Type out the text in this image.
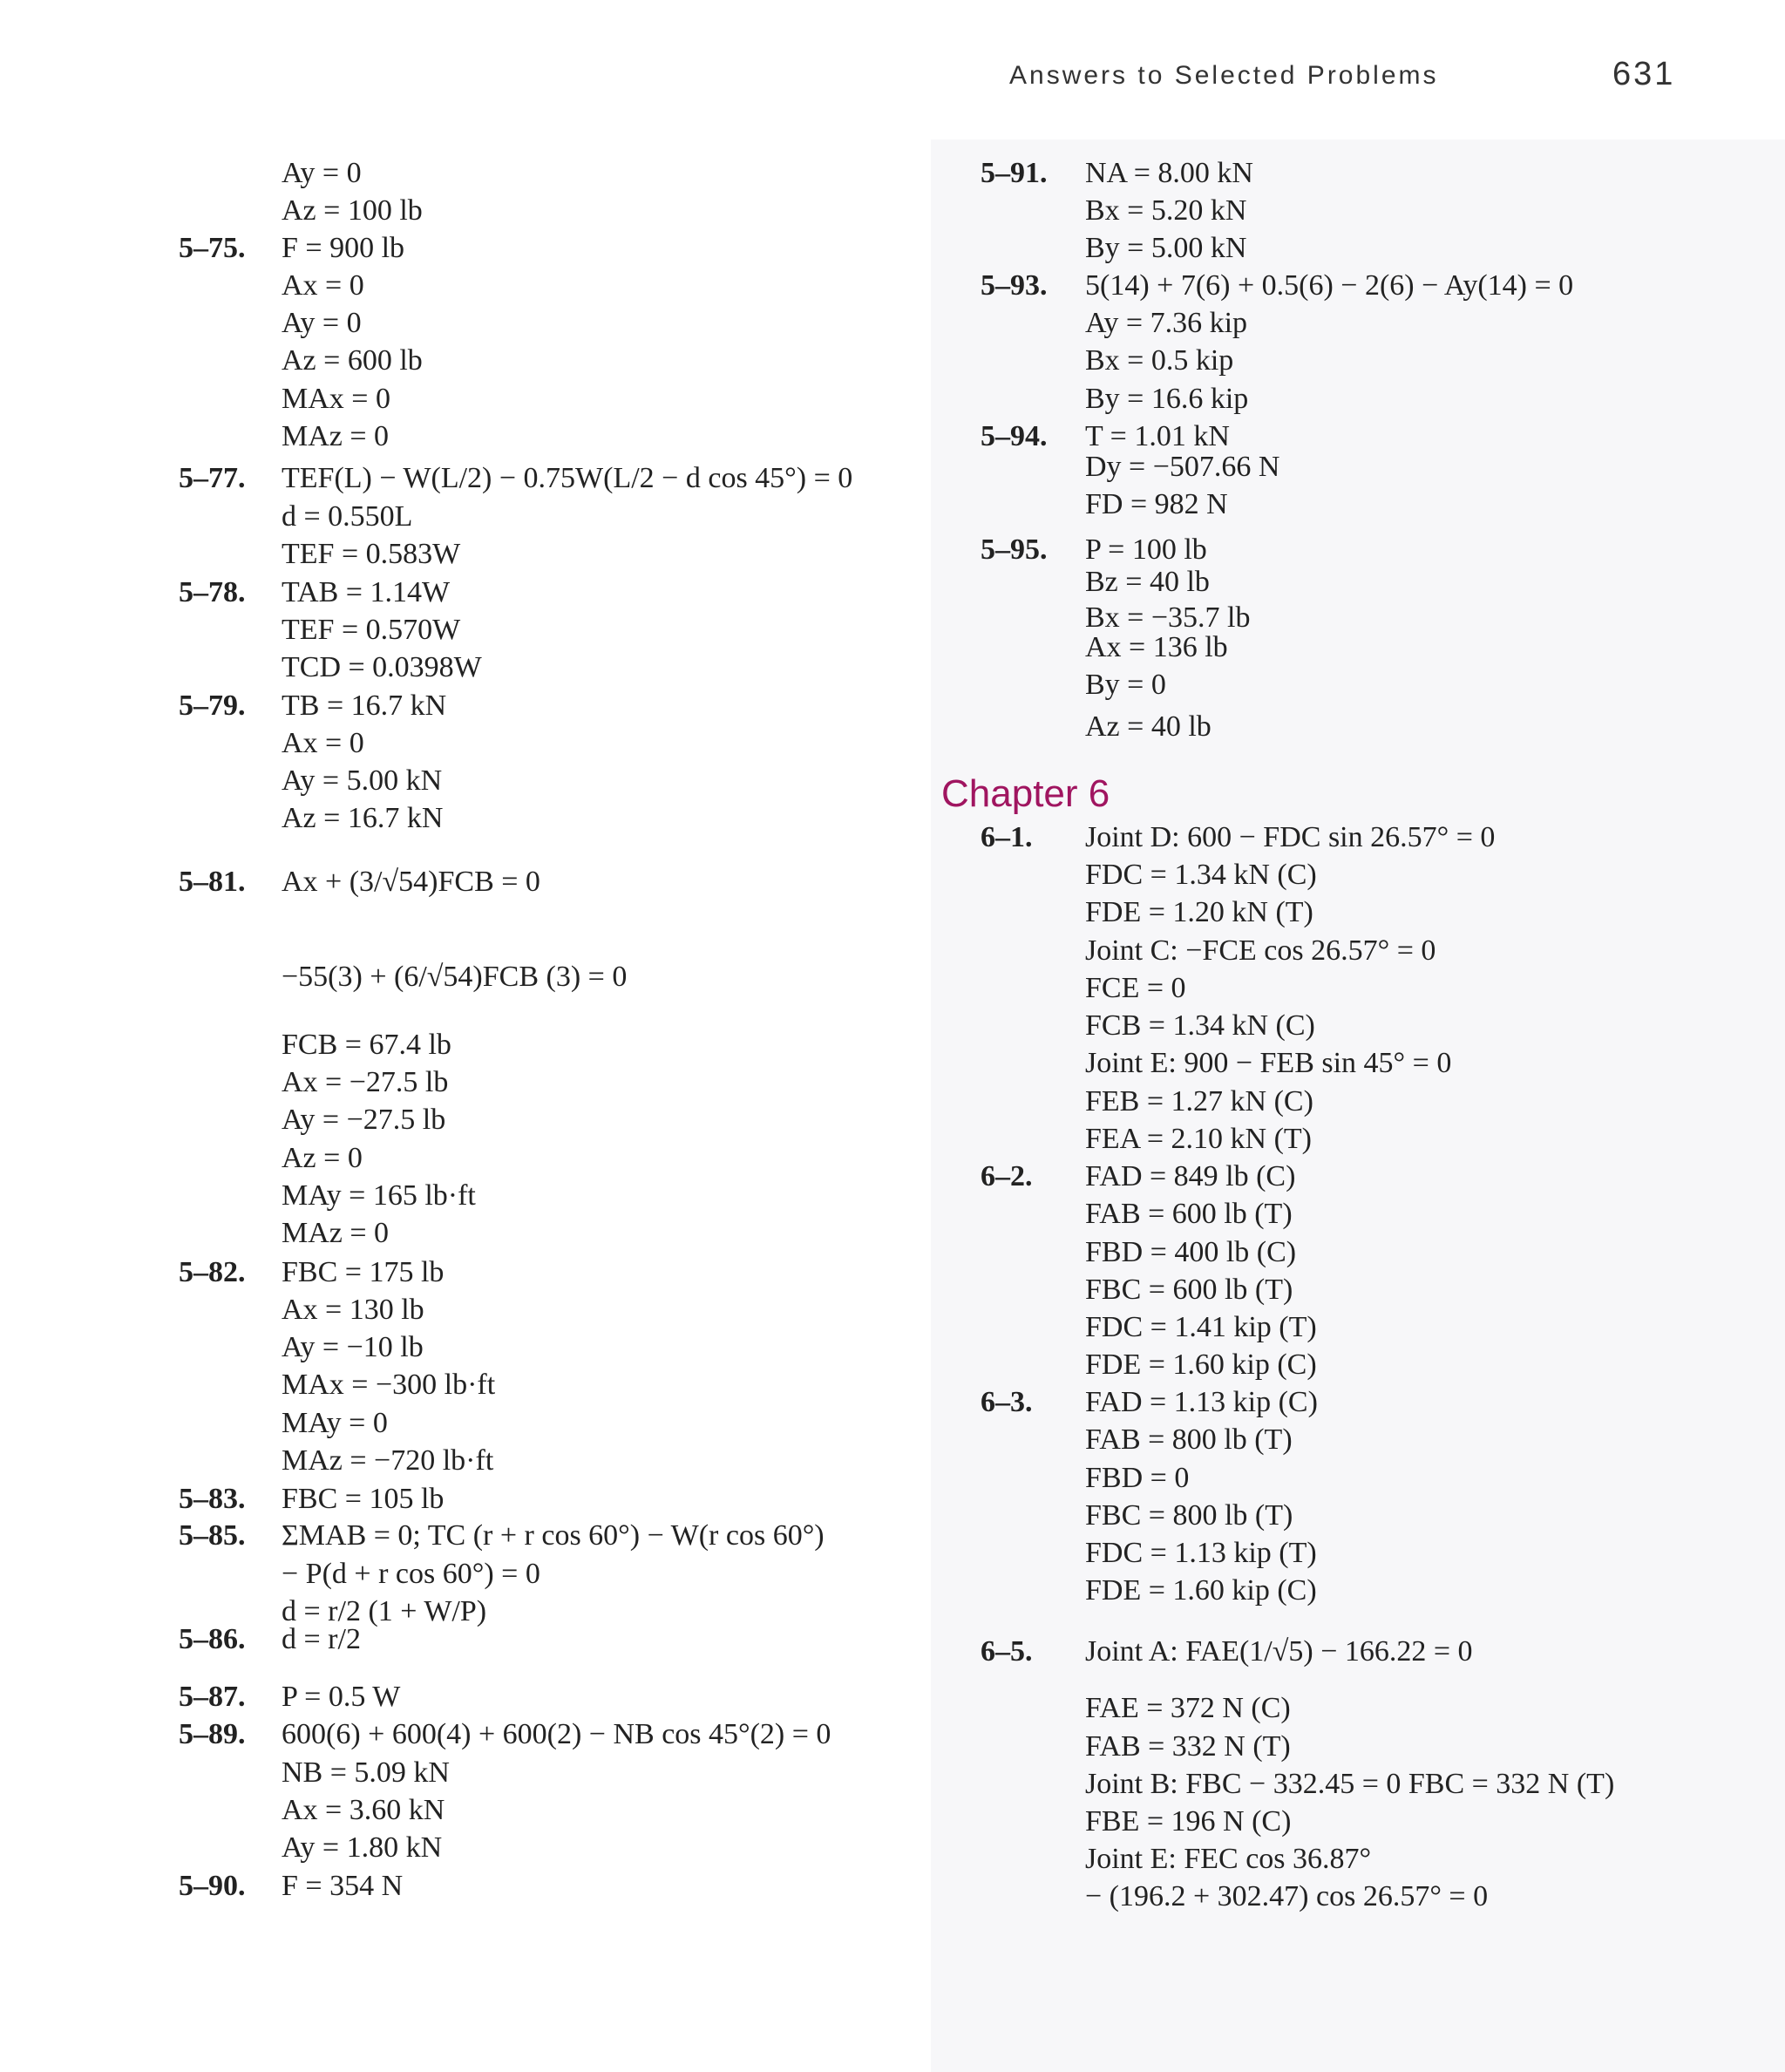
Answers to Selected Problems	631
5–75.
5–77.
5–78.
5–79.
5–81.
5–82.
5–83.
5–85.
5–86.
5–87.
5–89.
5–90.
Ay = 0
Az = 100 lb
F = 900 lb
Ax = 0
Ay = 0
Az = 600 lb
MAx = 0
MAz = 0
TEF(L) − W(L/2) − 0.75W(L/2 − d cos 45°) = 0
d = 0.550L
TEF = 0.583W
TAB = 1.14W
TEF = 0.570W
TCD = 0.0398W
TB = 16.7 kN
Ax = 0
Ay = 5.00 kN
Az = 16.7 kN
Ax + (3/√54)FCB = 0
−55(3) + (6/√54)FCB (3) = 0
FCB = 67.4 lb
Ax = −27.5 lb
Ay = −27.5 lb
Az = 0
MAy = 165 lb·ft
MAz = 0
FBC = 175 lb
Ax = 130 lb
Ay = −10 lb
MAx = −300 lb·ft
MAy = 0
MAz = −720 lb·ft
FBC = 105 lb
ΣMAB = 0; TC (r + r cos 60°) − W(r cos 60°)
− P(d + r cos 60°) = 0
d = r/2 (1 + W/P)
d = r/2
P = 0.5 W
600(6) + 600(4) + 600(2) − NB cos 45°(2) = 0
NB = 5.09 kN
Ax = 3.60 kN
Ay = 1.80 kN
F = 354 N
5–91.
5–93.
5–94.
5–95.
6–1.
6–2.
6–3.
6–5.
NA = 8.00 kN
Bx = 5.20 kN
By = 5.00 kN
5(14) + 7(6) + 0.5(6) − 2(6) − Ay(14) = 0
Ay = 7.36 kip
Bx = 0.5 kip
By = 16.6 kip
T = 1.01 kN
Dy = −507.66 N
FD = 982 N
P = 100 lb
Bz = 40 lb
Bx = −35.7 lb
Ax = 136 lb
By = 0
Az = 40 lb
Joint D: 600 − FDC sin 26.57° = 0
FDC = 1.34 kN (C)
FDE = 1.20 kN (T)
Joint C: −FCE cos 26.57° = 0
FCE = 0
FCB = 1.34 kN (C)
Joint E: 900 − FEB sin 45° = 0
FEB = 1.27 kN (C)
FEA = 2.10 kN (T)
FAD = 849 lb (C)
FAB = 600 lb (T)
FBD = 400 lb (C)
FBC = 600 lb (T)
FDC = 1.41 kip (T)
FDE = 1.60 kip (C)
FAD = 1.13 kip (C)
FAB = 800 lb (T)
FBD = 0
FBC = 800 lb (T)
FDC = 1.13 kip (T)
FDE = 1.60 kip (C)
Joint A: FAE(1/√5) − 166.22 = 0
FAE = 372 N (C)
FAB = 332 N (T)
Joint B: FBC − 332.45 = 0 FBC = 332 N (T)
FBE = 196 N (C)
Joint E: FEC cos 36.87°
− (196.2 + 302.47) cos 26.57° = 0
Chapter 6
